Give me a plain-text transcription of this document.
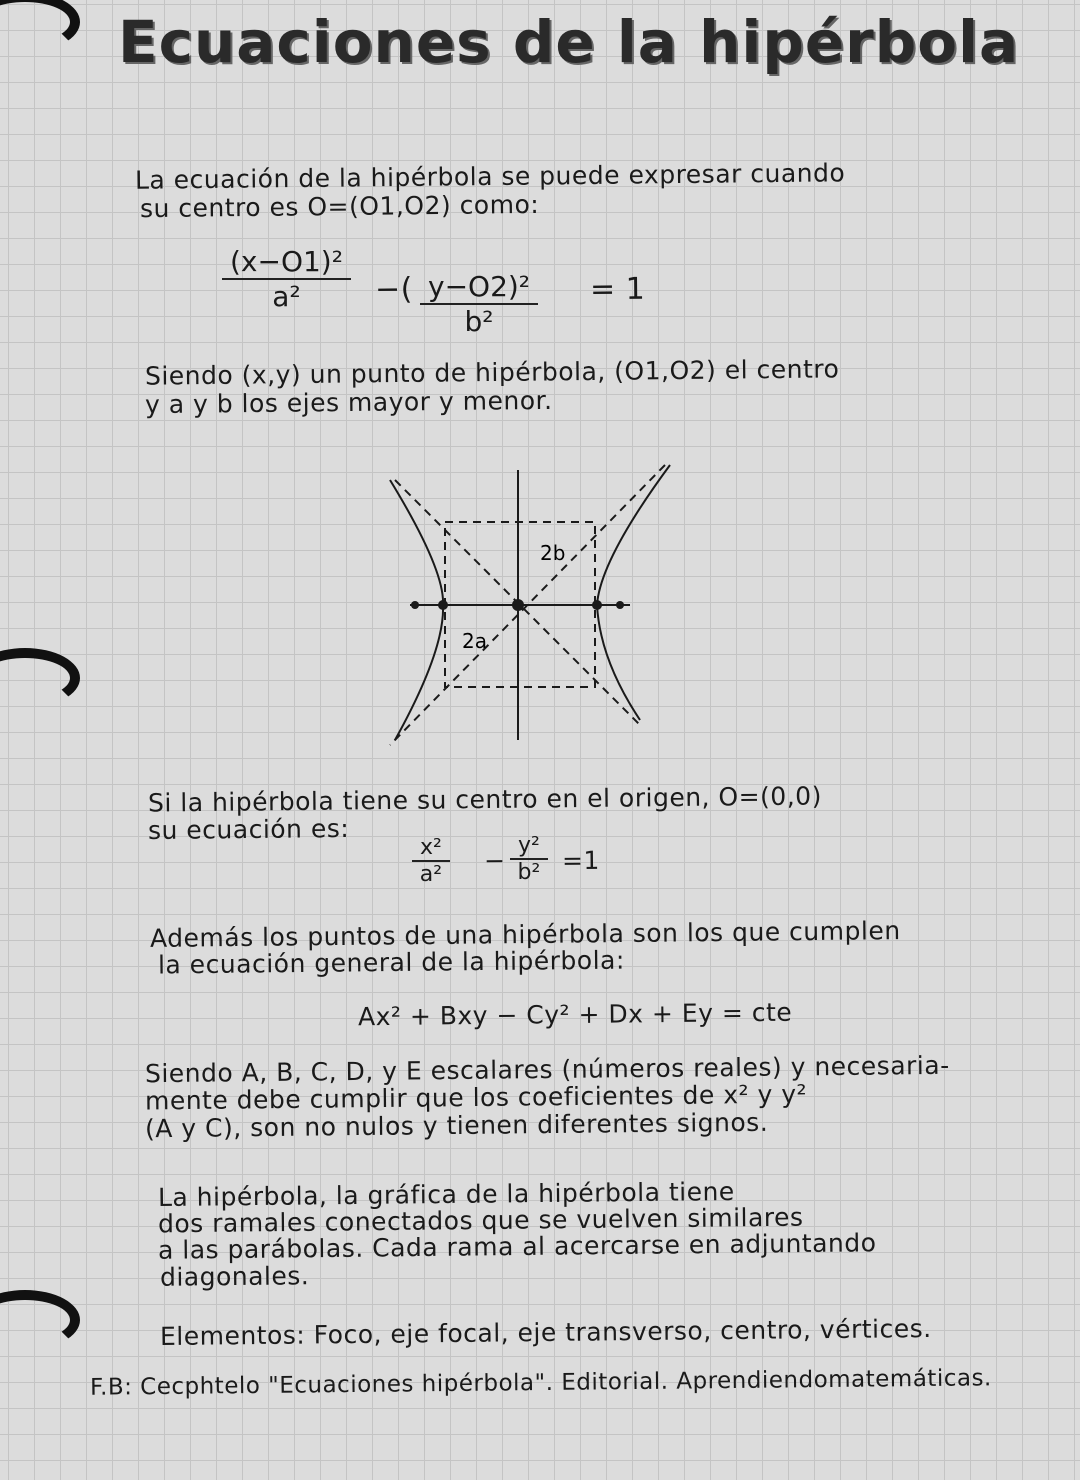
Ecuaciones de la hipérbola
La ecuación de la hipérbola se puede expresar cuando
su centro es O=(O1,O2) como:
$\frac{\text{(x−O1)²}}{\text{a²}}$ −( $\frac{\text{y−O2)²}}{\text{b²}} = 1$
Siendo (x,y) un punto de hipérbola, (O1,O2) el centro
y a y b los ejes mayor y menor.
2b
2a
Si la hipérbola tiene su centro en el origen, O=(0,0)
su ecuación es:
$\frac{\text{x²}}{\text{a²}} - \frac{\text{y²}}{\text{b²}} =1$
Además los puntos de una hipérbola son los que cumplen
la ecuación general de la hipérbola:
Ax² + Bxy − Cy² + Dx + Ey = cte
Siendo A, B, C, D, y E escalares (números reales) y necesaria-
mente debe cumplir que los coeficientes de x² y y²
(A y C), son no nulos y tienen diferentes signos.
La hipérbola, la gráfica de la hipérbola tiene
dos ramales conectados que se vuelven similares
a las parábolas. Cada rama al acercarse en adjuntando
diagonales.
Elementos: Foco, eje focal, eje transverso, centro, vértices.
F.B: Cecphtelo "Ecuaciones hipérbola". Editorial. Aprendiendomatemáticas.
